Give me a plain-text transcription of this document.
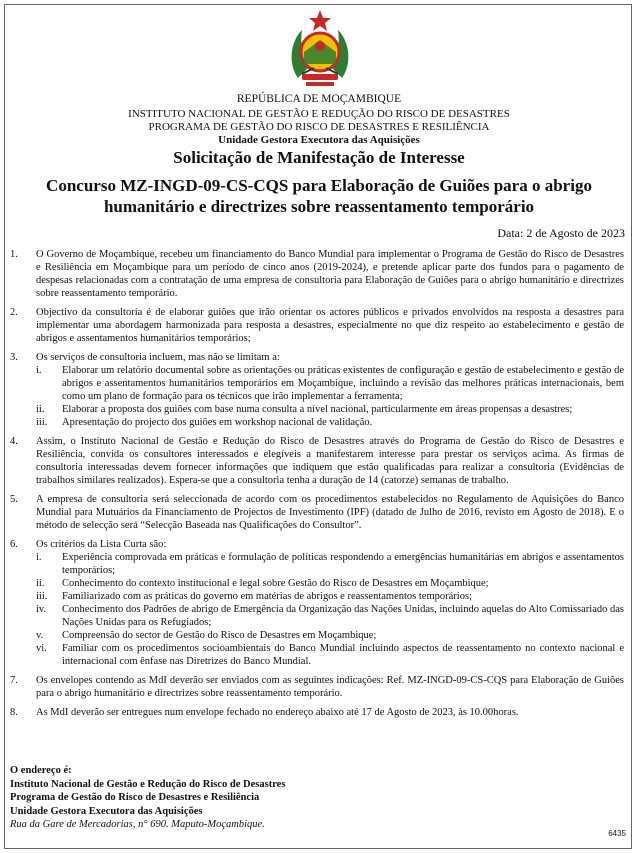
REPÚBLICA DE MOÇAMBIQUE
INSTITUTO NACIONAL DE GESTÃO E REDUÇÃO DO RISCO DE DESASTRES
PROGRAMA DE GESTÃO DO RISCO DE DESASTRES E RESILIÊNCIA
Unidade Gestora Executora das Aquisições
Solicitação de Manifestação de Interesse
Concurso MZ-INGD-09-CS-CQS para Elaboração de Guiões para o abrigo
humanitário e directrizes sobre reassentamento temporário
Data: 2 de Agosto de 2023
1.	O Governo de Moçambique, recebeu um financiamento do Banco Mundial para implementar o Programa de Gestão do Risco de Desastres e Resiliência em Moçambique para um período de cinco anos (2019-2024), e pretende aplicar parte dos fundos para o pagamento de despesas relacionadas com a contratação de uma empresa de consultoria para Elaboração de Guiões para o abrigo humanitário e directrizes sobre reassentamento temporário.
2.	Objectivo da consultoria é de elaborar guiões que irão orientar os actores públicos e privados envolvidos na resposta a desastres para implementar uma abordagem harmonizada para resposta a desastres, especialmente no que diz respeito ao estabelecimento e gestão de abrigos e assentamentos humanitários temporários;
3.	Os serviços de consultoria incluem, mas não se limitam a:
i.	Elaborar um relatório documental sobre as orientações ou práticas existentes de configuração e gestão de estabelecimento e gestão de abrigos e assentamentos humanitários temporários em Moçambique, incluindo a revisão das melhores práticas internacionais, bem como um plano de formação para os técnicos que irão implementar a ferramenta;
ii.	Elaborar a proposta dos guiões com base numa consulta a nível nacional, particularmente em áreas propensas a desastres;
iii.	Apresentação do projecto dos guiões em workshop nacional de validação.
4.	Assim, o Instituto Nacional de Gestão e Redução do Risco de Desastres através do Programa de Gestão do Risco de Desastres e Resiliência, convida os consultores interessados e elegíveis a manifestarem interesse para prestar os serviços acima. As firmas de consultoria interessadas devem fornecer informações que indiquem que estão qualificadas para realizar a consultoria (Evidências de trabalhos similares realizados). Espera-se que a consultoria tenha a duração de 14 (catorze) semanas de trabalho.
5.	A empresa de consultoria será seleccionada de acordo com os procedimentos estabelecidos no Regulamento de Aquisições do Banco Mundial para Mutuários da Financiamento de Projectos de Investimento (IPF) (datado de Julho de 2016, revisto em Agosto de 2018). E o método de selecção será “Selecção Baseada nas Qualificações do Consultor”.
6.	Os critérios da Lista Curta são:
i.	Experiência comprovada em práticas e formulação de políticas respondendo a emergências humanitárias em abrigos e assentamentos temporários;
ii.	Conhecimento do contexto institucional e legal sobre Gestão do Risco de Desastres em Moçambique;
iii.	Familiarizado com as práticas do governo em matérias de abrigos e reassentamentos temporários;
iv.	Conhecimento dos Padrões de abrigo de Emergência da Organização das Nações Unidas, incluindo aquelas do Alto Comissariado das Nações Unidas para os Refugiados;
v.	Compreensão do sector de Gestão do Risco de Desastres em Moçambique;
vi.	Familiar com os procedimentos socioambientais do Banco Mundial incluindo aspectos de reassentamento no contexto nacional e internacional com ênfase nas Diretrizes do Banco Mundial.
7.	Os envelopes contendo as MdI deverão ser enviados com as seguintes indicações: Ref. MZ-INGD-09-CS-CQS para Elaboração de Guiões para o abrigo humanitário e directrizes sobre reassentamento temporário.
8.	As MdI deverão ser entregues num envelope fechado no endereço abaixo até 17 de Agosto de 2023, às 10.00horas.
O endereço é:
Instituto Nacional de Gestão e Redução do Risco de Desastres
Programa de Gestão do Risco de Desastres e Resiliência
Unidade Gestora Executora das Aquisições
Rua da Gare de Mercadorias, n° 690. Maputo-Moçambique.
6435
